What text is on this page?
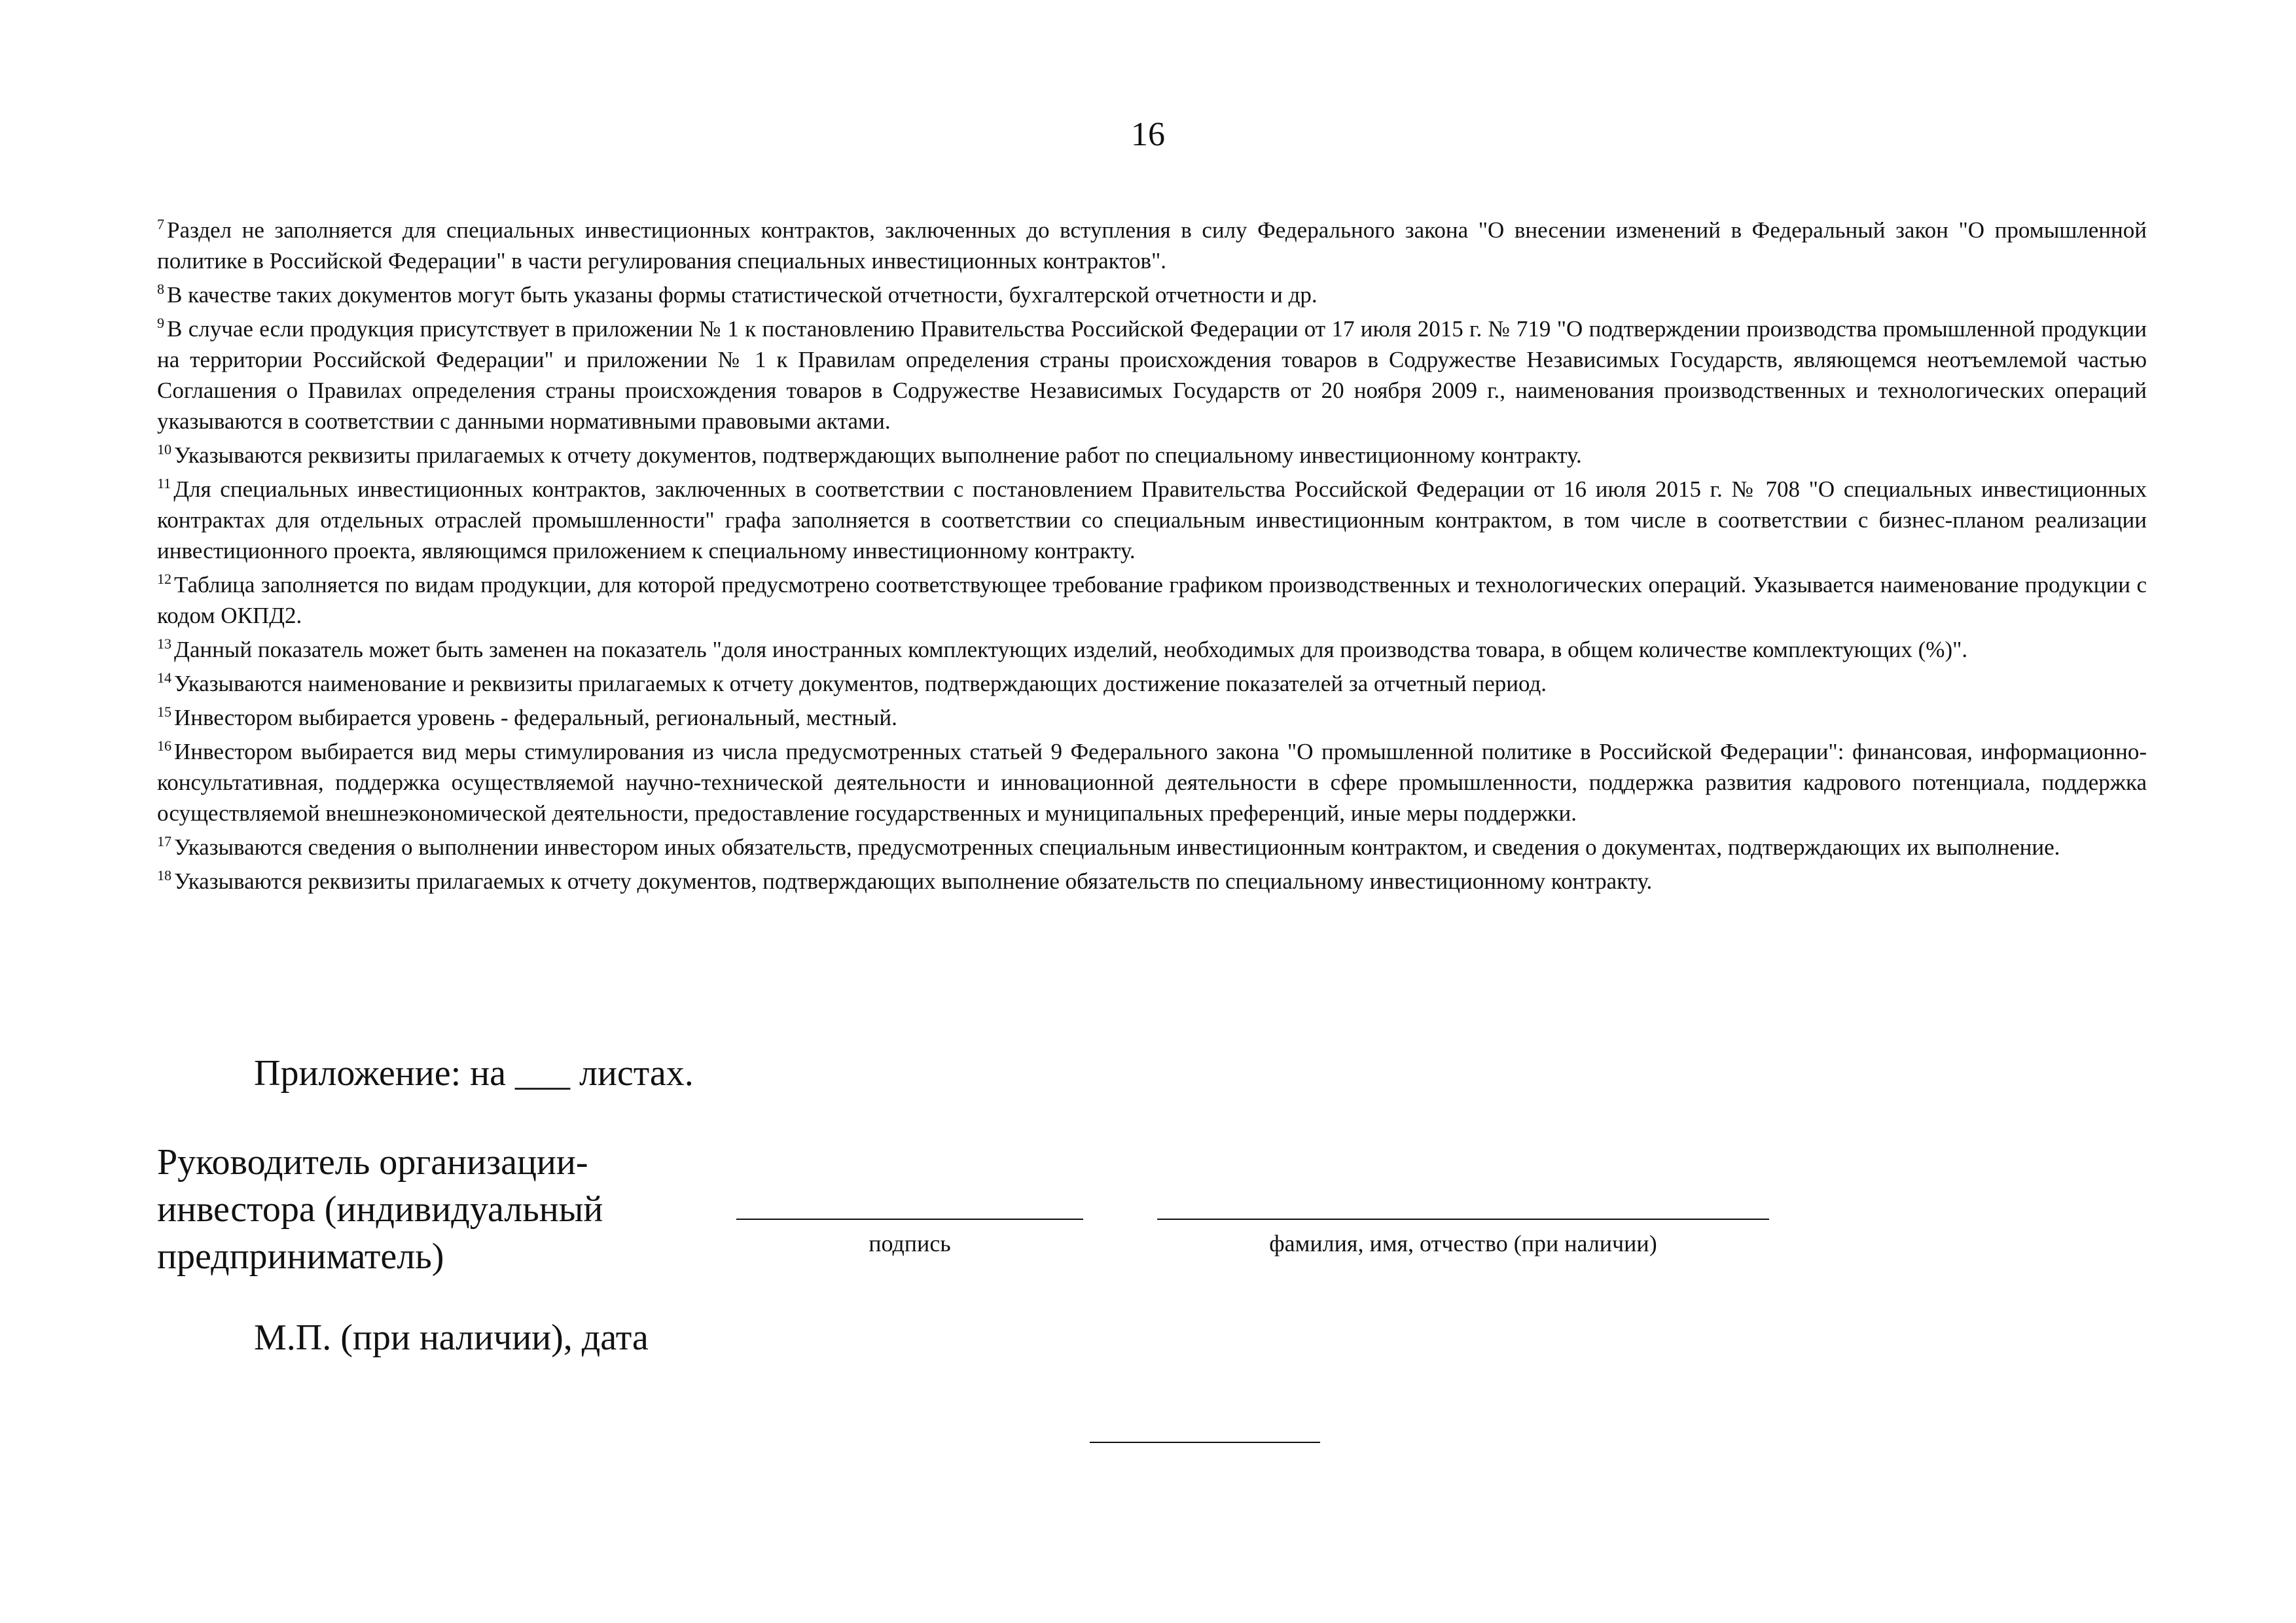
16

$^7$ Раздел не заполняется для специальных инвестиционных контрактов, заключенных до вступления в силу Федерального закона "О внесении изменений в Федеральный закон "О промышленной политике в Российской Федерации" в части регулирования специальных инвестиционных контрактов".

$^8$ В качестве таких документов могут быть указаны формы статистической отчетности, бухгалтерской отчетности и др.

$^9$ В случае если продукция присутствует в приложении № 1 к постановлению Правительства Российской Федерации от 17 июля 2015 г. № 719 "О подтверждении производства промышленной продукции на территории Российской Федерации" и приложении № 1 к Правилам определения страны происхождения товаров в Содружестве Независимых Государств, являющемся неотъемлемой частью Соглашения о Правилах определения страны происхождения товаров в Содружестве Независимых Государств от 20 ноября 2009 г., наименования производственных и технологических операций указываются в соответствии с данными нормативными правовыми актами.

$^{10}$ Указываются реквизиты прилагаемых к отчету документов, подтверждающих выполнение работ по специальному инвестиционному контракту.

$^{11}$ Для специальных инвестиционных контрактов, заключенных в соответствии с постановлением Правительства Российской Федерации от 16 июля 2015 г. № 708 "О специальных инвестиционных контрактах для отдельных отраслей промышленности" графа заполняется в соответствии со специальным инвестиционным контрактом, в том числе в соответствии с бизнес-планом реализации инвестиционного проекта, являющимся приложением к специальному инвестиционному контракту.

$^{12}$ Таблица заполняется по видам продукции, для которой предусмотрено соответствующее требование графиком производственных и технологических операций. Указывается наименование продукции с кодом ОКПД2.

$^{13}$ Данный показатель может быть заменен на показатель "доля иностранных комплектующих изделий, необходимых для производства товара, в общем количестве комплектующих (%)".

$^{14}$ Указываются наименование и реквизиты прилагаемых к отчету документов, подтверждающих достижение показателей за отчетный период.

$^{15}$ Инвестором выбирается уровень - федеральный, региональный, местный.

$^{16}$ Инвестором выбирается вид меры стимулирования из числа предусмотренных статьей 9 Федерального закона "О промышленной политике в Российской Федерации": финансовая, информационно-консультативная, поддержка осуществляемой научно-технической деятельности и инновационной деятельности в сфере промышленности, поддержка развития кадрового потенциала, поддержка осуществляемой внешнеэкономической деятельности, предоставление государственных и муниципальных преференций, иные меры поддержки.

$^{17}$ Указываются сведения о выполнении инвестором иных обязательств, предусмотренных специальным инвестиционным контрактом, и сведения о документах, подтверждающих их выполнение.

$^{18}$ Указываются реквизиты прилагаемых к отчету документов, подтверждающих выполнение обязательств по специальному инвестиционному контракту.

Приложение: на ___ листах.
Руководитель организации-инвестора (индивидуальный предприниматель)	подпись	фамилия, имя, отчество (при наличии)
М.П. (при наличии), дата
